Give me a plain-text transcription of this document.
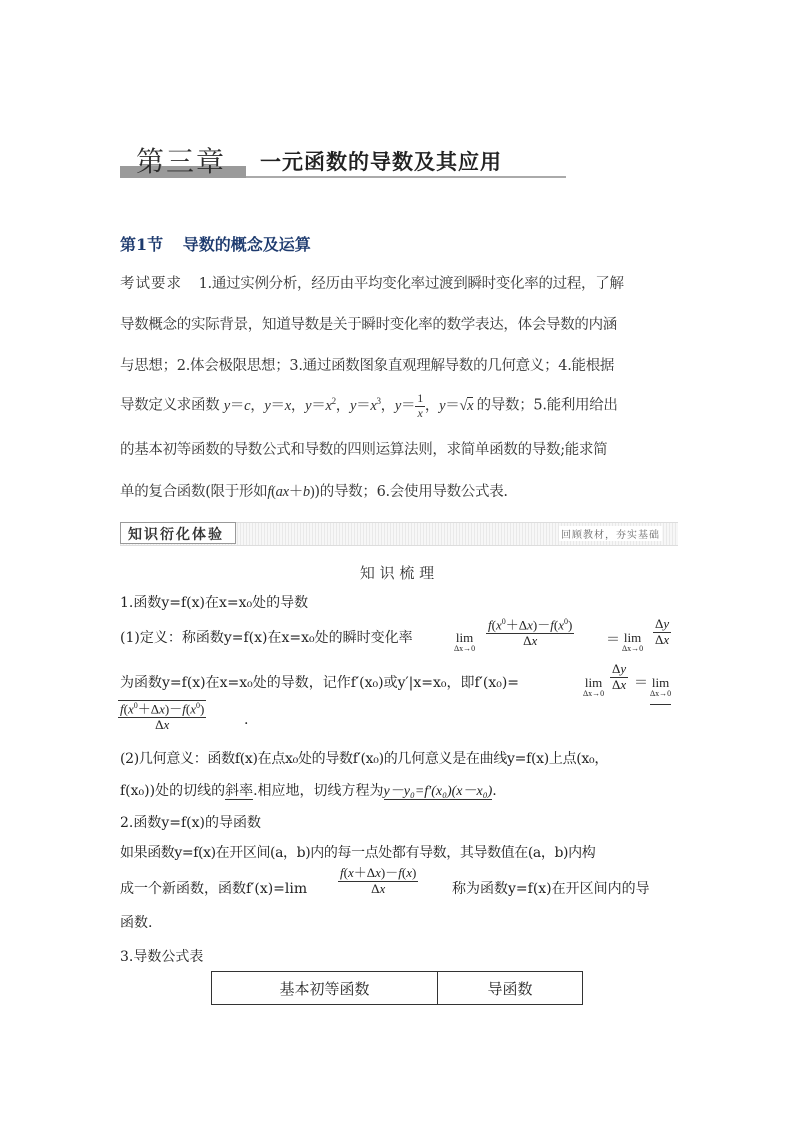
第三章 一元函数的导数及其应用
第1节 导数的概念及运算
考试要求 1.通过实例分析，经历由平均变化率过渡到瞬时变化率的过程，了解
导数概念的实际背景，知道导数是关于瞬时变化率的数学表达，体会导数的内涵
与思想；2.体会极限思想；3.通过函数图象直观理解导数的几何意义；4.能根据
导数定义求函数 y＝c，y＝x，$y=x^2$，$y=x^3$，$y= \frac{1}{x}$ ，y＝√x 的导数；5.能利用给出
的基本初等函数的导数公式和导数的四则运算法则，求简单函数的导数;能求简
单的复合函数(限于形如f(ax＋b))的导数；6.会使用导数公式表.
知识衍化体验	回顾教材，夯实基础
知 识 梳 理
1.函数y=f(x)在x=x₀处的导数
(1)定义：称函数y=f(x)在x=x₀处的瞬时变化率	lim
$\Delta x\to 0 \frac{f(x^0+\Delta x)-f(x^0)}{\Delta x} = \lim$
Δx→0
$\frac{\Delta y}{\Delta x}$
为函数y=f(x)在x=x₀处的导数，记作f′(x₀)或y′|x=x₀，即f′(x₀)=	lim
Δx→0
$\frac{\Delta y}{\Delta x} = \lim$
Δx→0
$\frac{f(x^0+\Delta x)-f(x^0)}{\Delta x}$	.
(2)几何意义：函数f(x)在点x₀处的导数f′(x₀)的几何意义是在曲线y=f(x)上点(x₀，
f(x₀))处的切线的斜率.相应地，切线方程为y－y₀=f′(x₀)(x－x₀).
2.函数y=f(x)的导函数
如果函数y=f(x)在开区间(a，b)内的每一点处都有导数，其导数值在(a，b)内构
成一个新函数，函数$f'(x)=\lim \frac{f(x+\Delta x)-f(x)}{\Delta x}$ 称为函数y=f(x)在开区间内的导
函数.
3.导数公式表
基本初等函数	导函数
